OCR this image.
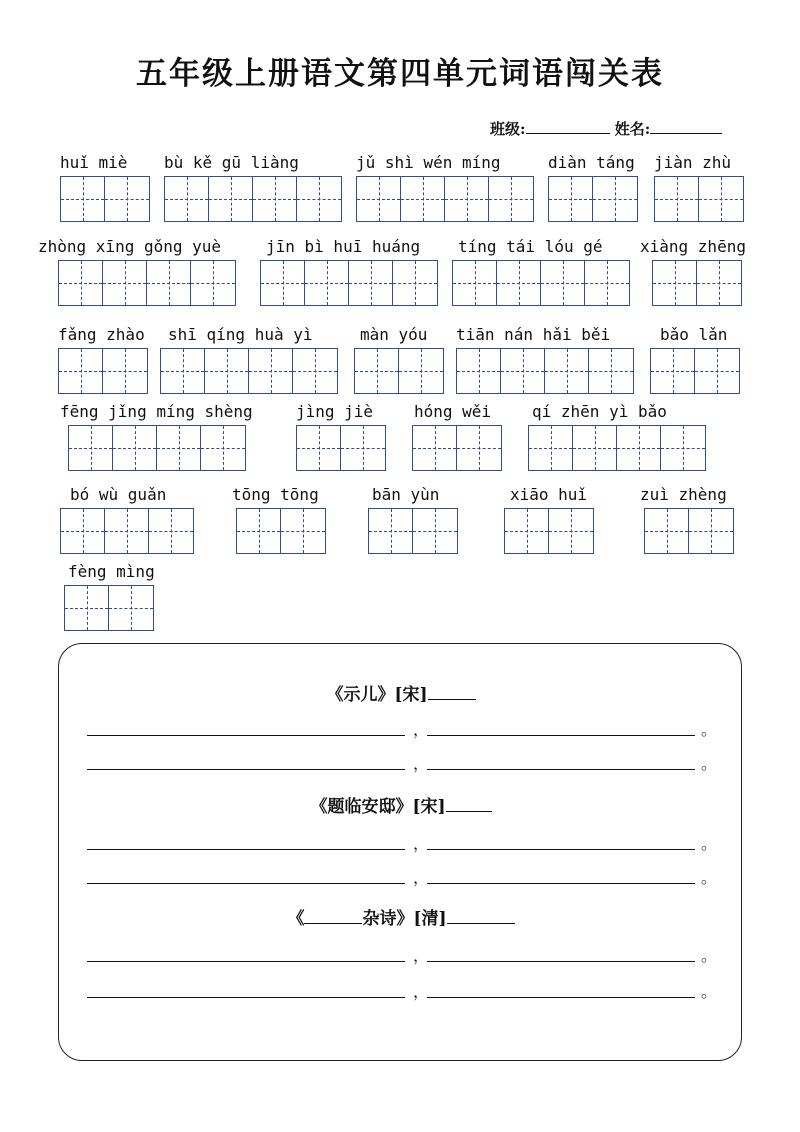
五年级上册语文第四单元词语闯关表
班级:	姓名:
huǐ miè bù kě gū liàng	jǔ shì wén míng	diàn táng jiàn zhù
zhòng xīng gǒng yuè	jīn bì huī huáng tíng tái lóu gé xiàng zhēng
fǎng zhào shī qíng huà yì	màn yóu tiān nán hǎi běi	bǎo lǎn
fēng jǐng míng shèng	jìng jiè	hóng wěi	qí zhēn yì bǎo
bó wù guǎn	tōng tōng	bān yùn	xiāo huǐ	zuì zhèng
fèng mìng
《示儿》[宋]
，	。
，	。
《题临安邸》[宋]
，	。
，	。
《	杂诗》[清]
，	。
，	。
